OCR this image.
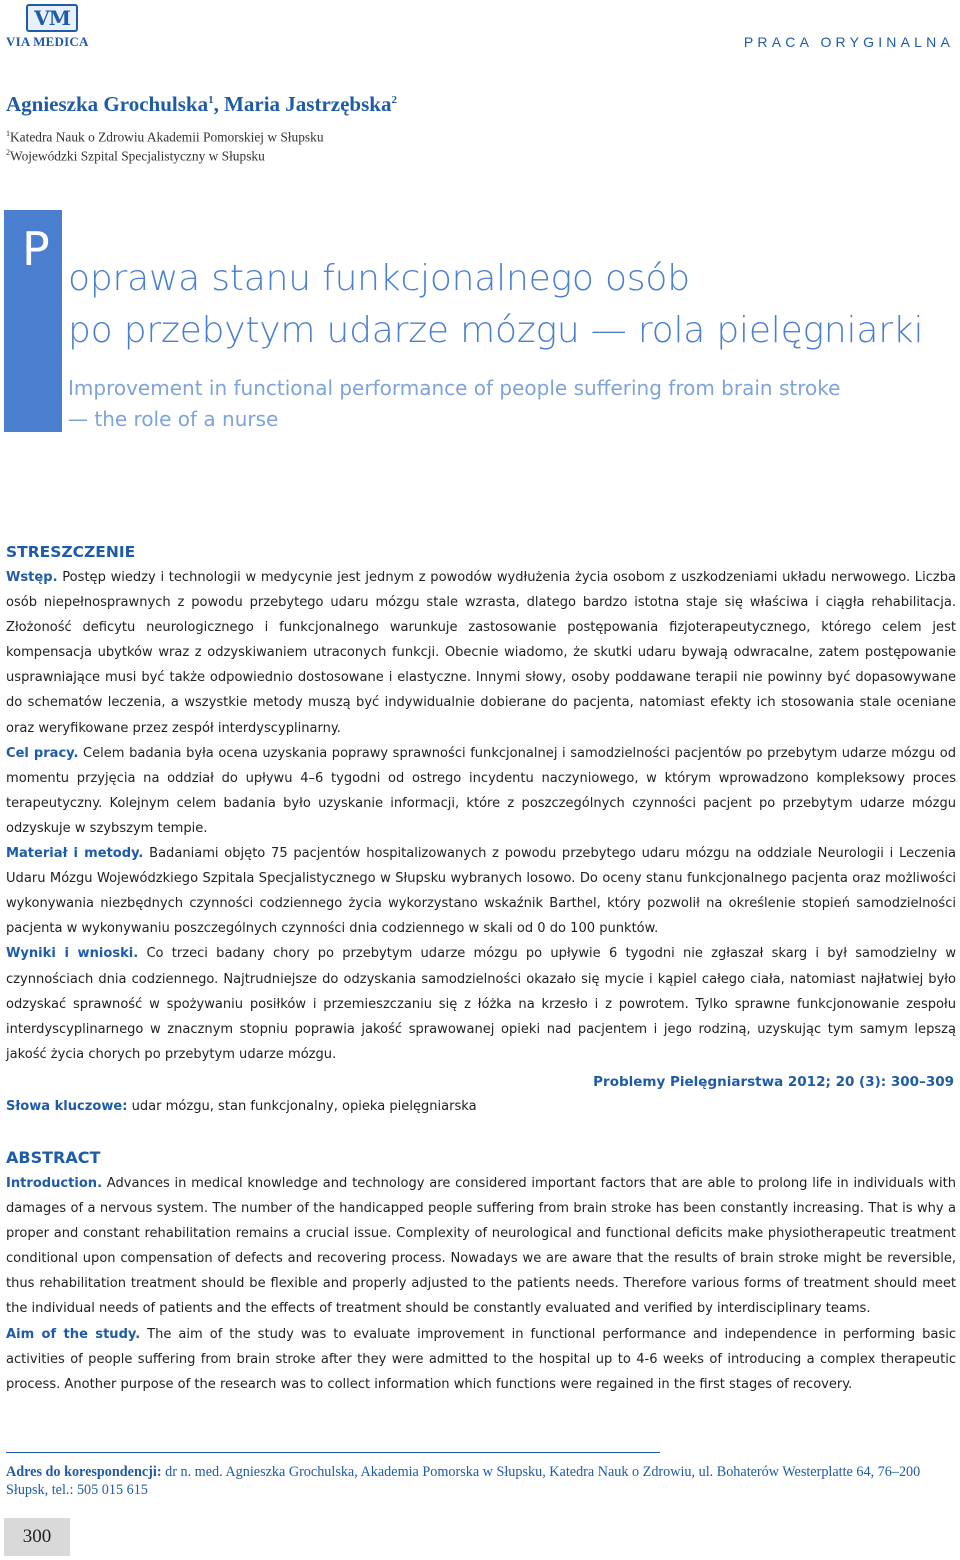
VM
VIA MEDICA	PRACA ORYGINALNA
Agnieszka Grochulska$^1$, Maria Jastrzębska$^2$
$^1$Katedra Nauk o Zdrowiu Akademii Pomorskiej w Słupsku
$^2$Wojewódzki Szpital Specjalistyczny w Słupsku
P
oprawa stanu funkcjonalnego osób
po przebytym udarze mózgu — rola pielęgniarki
Improvement in functional performance of people suffering from brain stroke
— the role of a nurse
STRESZCZENIE

Wstęp. Postęp wiedzy i technologii w medycynie jest jednym z powodów wydłużenia życia osobom z uszkodzeniami układu nerwowego. Liczba osób niepełnosprawnych z powodu przebytego udaru mózgu stale wzrasta, dlatego bardzo istotna staje się właściwa i ciągła rehabilitacja. Złożoność deficytu neurologicznego i funkcjonalnego warunkuje zastosowanie postępowania fizjoterapeutycznego, którego celem jest kompensacja ubytków wraz z odzyskiwaniem utraconych funkcji. Obecnie wiadomo, że skutki udaru bywają odwracalne, zatem postępowanie usprawniające musi być także odpowiednio dostosowane i elastyczne. Innymi słowy, osoby poddawane terapii nie powinny być dopasowywane do schematów leczenia, a wszystkie metody muszą być indywidualnie dobierane do pacjenta, natomiast efekty ich stosowania stale oceniane oraz weryfikowane przez zespół interdyscyplinarny.

Cel pracy. Celem badania była ocena uzyskania poprawy sprawności funkcjonalnej i samodzielności pacjentów po przebytym udarze mózgu od momentu przyjęcia na oddział do upływu 4–6 tygodni od ostrego incydentu naczyniowego, w którym wprowadzono kompleksowy proces terapeutyczny. Kolejnym celem badania było uzyskanie informacji, które z poszczególnych czynności pacjent po przebytym udarze mózgu odzyskuje w szybszym tempie.

Materiał i metody. Badaniami objęto 75 pacjentów hospitalizowanych z powodu przebytego udaru mózgu na oddziale Neurologii i Leczenia Udaru Mózgu Wojewódzkiego Szpitala Specjalistycznego w Słupsku wybranych losowo. Do oceny stanu funkcjonalnego pacjenta oraz możliwości wykonywania niezbędnych czynności codziennego życia wykorzystano wskaźnik Barthel, który pozwolił na określenie stopień samodzielności pacjenta w wykonywaniu poszczególnych czynności dnia codziennego w skali od 0 do 100 punktów.

Wyniki i wnioski. Co trzeci badany chory po przebytym udarze mózgu po upływie 6 tygodni nie zgłaszał skarg i był samodzielny w czynnościach dnia codziennego. Najtrudniejsze do odzyskania samodzielności okazało się mycie i kąpiel całego ciała, natomiast najłatwiej było odzyskać sprawność w spożywaniu posiłków i przemieszczaniu się z łóżka na krzesło i z powrotem. Tylko sprawne funkcjonowanie zespołu interdyscyplinarnego w znacznym stopniu poprawia jakość sprawowanej opieki nad pacjentem i jego rodziną, uzyskując tym samym lepszą jakość życia chorych po przebytym udarze mózgu.

Problemy Pielęgniarstwa 2012; 20 (3): 300–309
Słowa kluczowe: udar mózgu, stan funkcjonalny, opieka pielęgniarska
ABSTRACT

Introduction. Advances in medical knowledge and technology are considered important factors that are able to prolong life in individuals with damages of a nervous system. The number of the handicapped people suffering from brain stroke has been constantly increasing. That is why a proper and constant rehabilitation remains a crucial issue. Complexity of neurological and functional deficits make physiotherapeutic treatment conditional upon compensation of defects and recovering process. Nowadays we are aware that the results of brain stroke might be reversible, thus rehabilitation treatment should be flexible and properly adjusted to the patients needs. Therefore various forms of treatment should meet the individual needs of patients and the effects of treatment should be constantly evaluated and verified by interdisciplinary teams.

Aim of the study. The aim of the study was to evaluate improvement in functional performance and independence in performing basic activities of people suffering from brain stroke after they were admitted to the hospital up to 4-6 weeks of introducing a complex therapeutic process. Another purpose of the research was to collect information which functions were regained in the first stages of recovery.

Adres do korespondencji: dr n. med. Agnieszka Grochulska, Akademia Pomorska w Słupsku, Katedra Nauk o Zdrowiu, ul. Bohaterów Westerplatte 64, 76–200 Słupsk, tel.: 505 015 615
300
